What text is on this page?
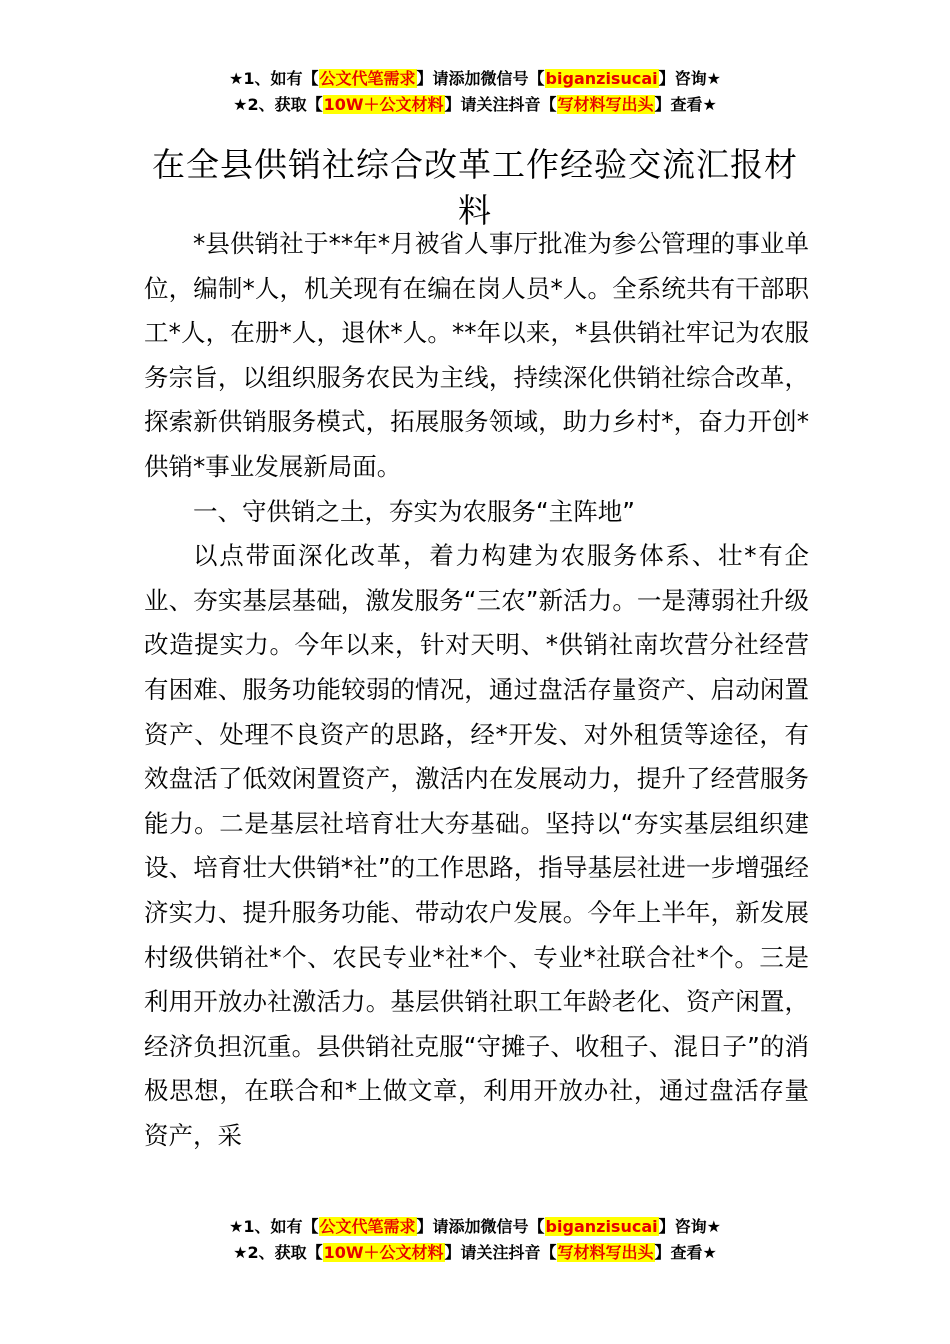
★1、如有【公文代笔需求】请添加微信号【biganzisucai】咨询★
★2、获取【10W＋公文材料】请关注抖音【写材料写出头】查看★
在全县供销社综合改革工作经验交流汇报材料

*县供销社于**年*月被省人事厅批准为参公管理的事业单位，编制*人，机关现有在编在岗人员*人。全系统共有干部职工*人，在册*人，退休*人。**年以来，*县供销社牢记为农服务宗旨，以组织服务农民为主线，持续深化供销社综合改革，探索新供销服务模式，拓展服务领域，助力乡村*，奋力开创*供销*事业发展新局面。

一、守供销之土，夯实为农服务“主阵地”

以点带面深化改革，着力构建为农服务体系、壮*有企业、夯实基层基础，激发服务“三农”新活力。一是薄弱社升级改造提实力。今年以来，针对天明、*供销社南坎营分社经营有困难、服务功能较弱的情况，通过盘活存量资产、启动闲置资产、处理不良资产的思路，经*开发、对外租赁等途径，有效盘活了低效闲置资产，激活内在发展动力，提升了经营服务能力。二是基层社培育壮大夯基础。坚持以“夯实基层组织建设、培育壮大供销*社”的工作思路，指导基层社进一步增强经济实力、提升服务功能、带动农户发展。今年上半年，新发展村级供销社*个、农民专业*社*个、专业*社联合社*个。三是利用开放办社激活力。基层供销社职工年龄老化、资产闲置，经济负担沉重。县供销社克服“守摊子、收租子、混日子”的消极思想，在联合和*上做文章，利用开放办社，通过盘活存量资产，采

★1、如有【公文代笔需求】请添加微信号【biganzisucai】咨询★
★2、获取【10W＋公文材料】请关注抖音【写材料写出头】查看★
